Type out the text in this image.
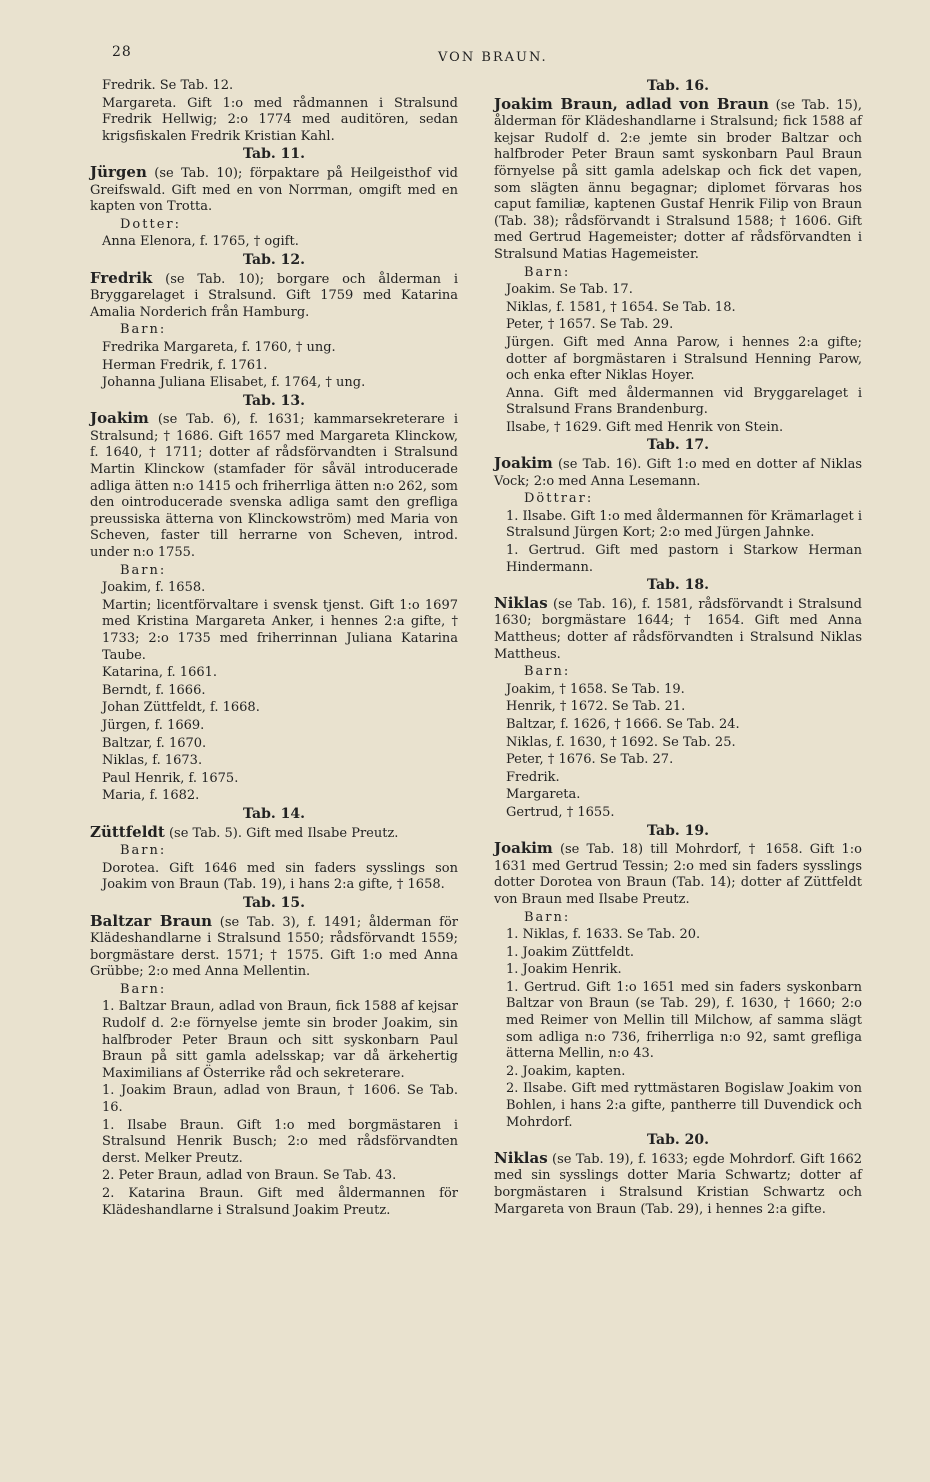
28	VON BRAUN.

Fredrik. Se Tab. 12.

Margareta. Gift 1:o med rådmannen i Stralsund Fredrik Hellwig; 2:o 1774 med auditören, sedan krigsfiskalen Fredrik Kristian Kahl.

Tab. 11.

Jürgen (se Tab. 10); förpaktare på Heilgeisthof vid Greifswald. Gift med en von Norrman, omgift med en kapten von Trotta.

Dotter:

Anna Elenora, f. 1765, † ogift.

Tab. 12.

Fredrik (se Tab. 10); borgare och ålderman i Bryggarelaget i Stralsund. Gift 1759 med Katarina Amalia Norderich från Hamburg.

Barn:

Fredrika Margareta, f. 1760, † ung.

Herman Fredrik, f. 1761.

Johanna Juliana Elisabet, f. 1764, † ung.

Tab. 13.

Joakim (se Tab. 6), f. 1631; kammarsekreterare i Stralsund; † 1686. Gift 1657 med Margareta Klinckow, f. 1640, † 1711; dotter af rådsförvandten i Stralsund Martin Klinckow (stamfader för såväl introducerade adliga ätten n:o 1415 och friherrliga ätten n:o 262, som den ointroducerade svenska adliga samt den grefliga preussiska ätterna von Klinckowström) med Maria von Scheven, faster till herrarne von Scheven, introd. under n:o 1755.

Barn:

Joakim, f. 1658.

Martin; licentförvaltare i svensk tjenst. Gift 1:o 1697 med Kristina Margareta Anker, i hennes 2:a gifte, † 1733; 2:o 1735 med friherrinnan Juliana Katarina Taube.

Katarina, f. 1661.

Berndt, f. 1666.

Johan Züttfeldt, f. 1668.

Jürgen, f. 1669.

Baltzar, f. 1670.

Niklas, f. 1673.

Paul Henrik, f. 1675.

Maria, f. 1682.

Tab. 14.

Züttfeldt (se Tab. 5). Gift med Ilsabe Preutz.

Barn:

Dorotea. Gift 1646 med sin faders sysslings son Joakim von Braun (Tab. 19), i hans 2:a gifte, † 1658.

Tab. 15.

Baltzar Braun (se Tab. 3), f. 1491; ålderman för Klädeshandlarne i Stralsund 1550; rådsförvandt 1559; borgmästare derst. 1571; † 1575. Gift 1:o med Anna Grübbe; 2:o med Anna Mellentin.

Barn:

1. Baltzar Braun, adlad von Braun, fick 1588 af kejsar Rudolf d. 2:e förnyelse jemte sin broder Joakim, sin halfbroder Peter Braun och sitt syskonbarn Paul Braun på sitt gamla adelsskap; var då ärkehertig Maximilians af Österrike råd och sekreterare.

1. Joakim Braun, adlad von Braun, † 1606. Se Tab. 16.

1. Ilsabe Braun. Gift 1:o med borgmästaren i Stralsund Henrik Busch; 2:o med rådsförvandten derst. Melker Preutz.

2. Peter Braun, adlad von Braun. Se Tab. 43.

2. Katarina Braun. Gift med åldermannen för Klädeshandlarne i Stralsund Joakim Preutz.

Tab. 16.

Joakim Braun, adlad von Braun (se Tab. 15), ålderman för Klädeshandlarne i Stralsund; fick 1588 af kejsar Rudolf d. 2:e jemte sin broder Baltzar och halfbroder Peter Braun samt syskonbarn Paul Braun förnyelse på sitt gamla adelskap och fick det vapen, som slägten ännu begagnar; diplomet förvaras hos caput familiæ, kaptenen Gustaf Henrik Filip von Braun (Tab. 38); rådsförvandt i Stralsund 1588; † 1606. Gift med Gertrud Hagemeister; dotter af rådsförvandten i Stralsund Matias Hagemeister.

Barn:

Joakim. Se Tab. 17.

Niklas, f. 1581, † 1654. Se Tab. 18.

Peter, † 1657. Se Tab. 29.

Jürgen. Gift med Anna Parow, i hennes 2:a gifte; dotter af borgmästaren i Stralsund Henning Parow, och enka efter Niklas Hoyer.

Anna. Gift med åldermannen vid Bryggarelaget i Stralsund Frans Brandenburg.

Ilsabe, † 1629. Gift med Henrik von Stein.

Tab. 17.

Joakim (se Tab. 16). Gift 1:o med en dotter af Niklas Vock; 2:o med Anna Lesemann.

Döttrar:

1. Ilsabe. Gift 1:o med åldermannen för Krämarlaget i Stralsund Jürgen Kort; 2:o med Jürgen Jahnke.

1. Gertrud. Gift med pastorn i Starkow Herman Hindermann.

Tab. 18.

Niklas (se Tab. 16), f. 1581, rådsförvandt i Stralsund 1630; borgmästare 1644; † 1654. Gift med Anna Mattheus; dotter af rådsförvandten i Stralsund Niklas Mattheus.

Barn:

Joakim, † 1658. Se Tab. 19.

Henrik, † 1672. Se Tab. 21.

Baltzar, f. 1626, † 1666. Se Tab. 24.

Niklas, f. 1630, † 1692. Se Tab. 25.

Peter, † 1676. Se Tab. 27.

Fredrik.

Margareta.

Gertrud, † 1655.

Tab. 19.

Joakim (se Tab. 18) till Mohrdorf, † 1658. Gift 1:o 1631 med Gertrud Tessin; 2:o med sin faders sysslings dotter Dorotea von Braun (Tab. 14); dotter af Züttfeldt von Braun med Ilsabe Preutz.

Barn:

1. Niklas, f. 1633. Se Tab. 20.

1. Joakim Züttfeldt.

1. Joakim Henrik.

1. Gertrud. Gift 1:o 1651 med sin faders syskonbarn Baltzar von Braun (se Tab. 29), f. 1630, † 1660; 2:o med Reimer von Mellin till Milchow, af samma slägt som adliga n:o 736, friherrliga n:o 92, samt grefliga ätterna Mellin, n:o 43.

2. Joakim, kapten.

2. Ilsabe. Gift med ryttmästaren Bogislaw Joakim von Bohlen, i hans 2:a gifte, pantherre till Duvendick och Mohrdorf.

Tab. 20.

Niklas (se Tab. 19), f. 1633; egde Mohrdorf. Gift 1662 med sin sysslings dotter Maria Schwartz; dotter af borgmästaren i Stralsund Kristian Schwartz och Margareta von Braun (Tab. 29), i hennes 2:a gifte.
